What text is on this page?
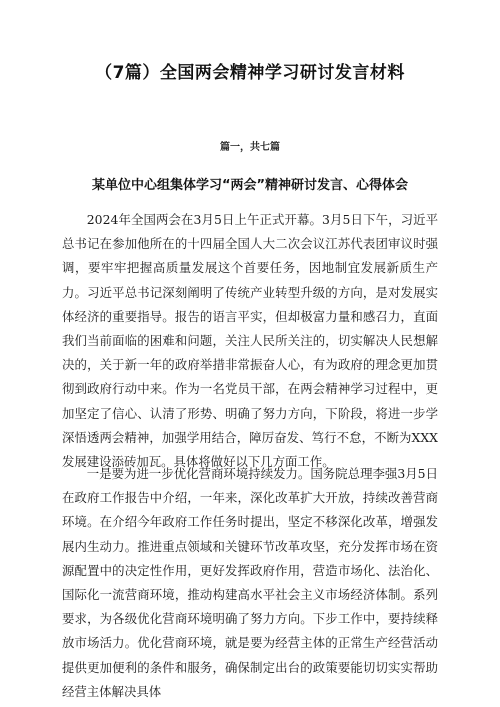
（7篇）全国两会精神学习研讨发言材料
篇一，共七篇
某单位中心组集体学习“两会”精神研讨发言、心得体会

2024年全国两会在3月5日上午正式开幕。3月5日下午，习近平总书记在参加他所在的十四届全国人大二次会议江苏代表团审议时强调，要牢牢把握高质量发展这个首要任务，因地制宜发展新质生产力。习近平总书记深刻阐明了传统产业转型升级的方向，是对发展实体经济的重要指导。报告的语言平实，但却极富力量和感召力，直面我们当前面临的困难和问题，关注人民所关注的，切实解决人民想解决的，关于新一年的政府举措非常振奋人心，有为政府的理念更加贯彻到政府行动中来。作为一名党员干部，在两会精神学习过程中，更加坚定了信心、认清了形势、明确了努力方向，下阶段，将进一步学深悟透两会精神，加强学用结合，障厉奋发、笃行不怠，不断为XXX发展建设添砖加瓦。具体将做好以下几方面工作。

一是要为进一步优化营商环境持续发力。国务院总理李强3月5日在政府工作报告中介绍，一年来，深化改革扩大开放，持续改善营商环境。在介绍今年政府工作任务时提出，坚定不移深化改革，增强发展内生动力。推进重点领域和关键环节改革攻坚，充分发挥市场在资源配置中的决定性作用，更好发挥政府作用，营造市场化、法治化、国际化一流营商环境，推动构建高水平社会主义市场经济体制。系列要求，为各级优化营商环境明确了努力方向。下步工作中，要持续释放市场活力。优化营商环境，就是要为经营主体的正常生产经营活动提供更加便利的条件和服务，确保制定出台的政策要能切切实实帮助经营主体解决具体
